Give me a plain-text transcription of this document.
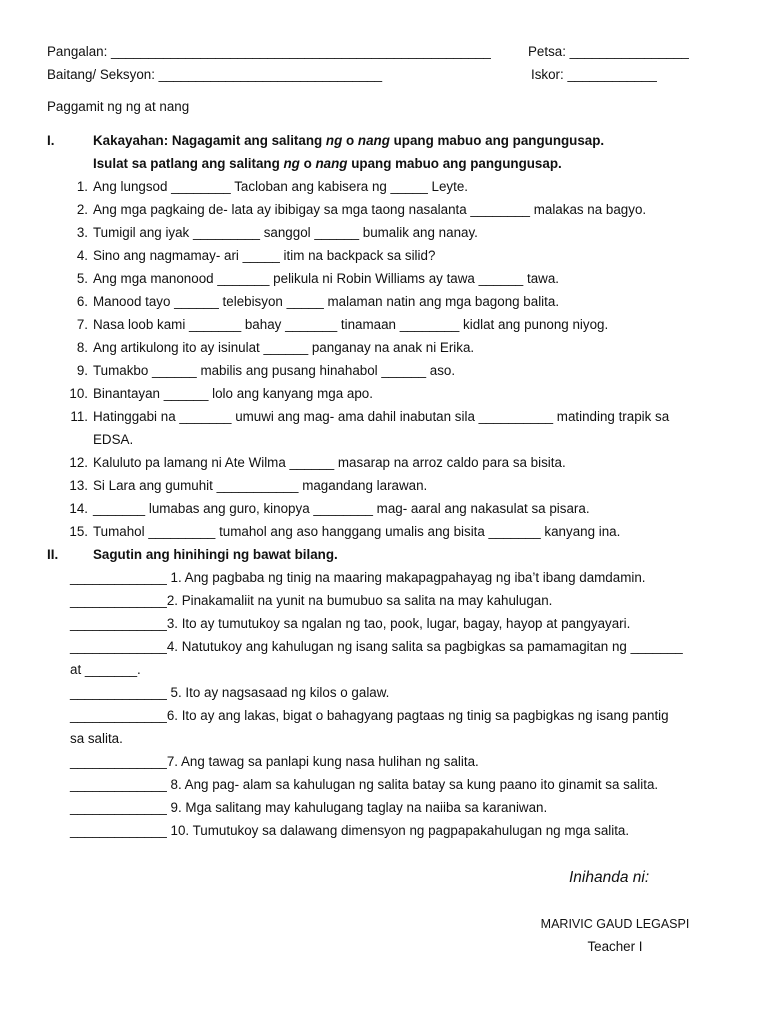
Pangalan: ___________________________________________________	Petsa: ________________
Baitang/ Seksyon: ______________________________	Iskor: ____________
Paggamit ng ng at nang
I.	Kakayahan: Nagagamit ang salitang ng o nang upang mabuo ang pangungusap.
Isulat sa patlang ang salitang ng o nang upang mabuo ang pangungusap.
1. Ang lungsod ________ Tacloban ang kabisera ng _____ Leyte.
2. Ang mga pagkaing de- lata ay ibibigay sa mga taong nasalanta ________ malakas na bagyo.
3. Tumigil ang iyak _________ sanggol ______ bumalik ang nanay.
4. Sino ang nagmamay- ari _____ itim na backpack sa silid?
5. Ang mga manonood _______ pelikula ni Robin Williams ay tawa ______ tawa.
6. Manood tayo ______ telebisyon _____ malaman natin ang mga bagong balita.
7. Nasa loob kami _______ bahay _______ tinamaan ________ kidlat ang punong niyog.
8. Ang artikulong ito ay isinulat ______ panganay na anak ni Erika.
9. Tumakbo ______ mabilis ang pusang hinahabol ______ aso.
10. Binantayan ______ lolo ang kanyang mga apo.
11. Hatinggabi na _______ umuwi ang mag- ama dahil inabutan sila __________ matinding trapik sa
EDSA.
12. Kaluluto pa lamang ni Ate Wilma ______ masarap na arroz caldo para sa bisita.
13. Si Lara ang gumuhit ___________ magandang larawan.
14. _______ lumabas ang guro, kinopya ________ mag- aaral ang nakasulat sa pisara.
15. Tumahol _________ tumahol ang aso hanggang umalis ang bisita _______ kanyang ina.
II.	Sagutin ang hinihingi ng bawat bilang.
_____________ 1. Ang pagbaba ng tinig na maaring makapagpahayag ng iba’t ibang damdamin.
_____________2. Pinakamaliit na yunit na bumubuo sa salita na may kahulugan.
_____________3. Ito ay tumutukoy sa ngalan ng tao, pook, lugar, bagay, hayop at pangyayari.
_____________4. Natutukoy ang kahulugan ng isang salita sa pagbigkas sa pamamagitan ng _______
at _______.
_____________ 5. Ito ay nagsasaad ng kilos o galaw.
_____________6. Ito ay ang lakas, bigat o bahagyang pagtaas ng tinig sa pagbigkas ng isang pantig
sa salita.
_____________7. Ang tawag sa panlapi kung nasa hulihan ng salita.
_____________ 8. Ang pag- alam sa kahulugan ng salita batay sa kung paano ito ginamit sa salita.
_____________ 9. Mga salitang may kahulugang taglay na naiiba sa karaniwan.
_____________ 10. Tumutukoy sa dalawang dimensyon ng pagpapakahulugan ng mga salita.
Inihanda ni:
MARIVIC GAUD LEGASPI
Teacher I
